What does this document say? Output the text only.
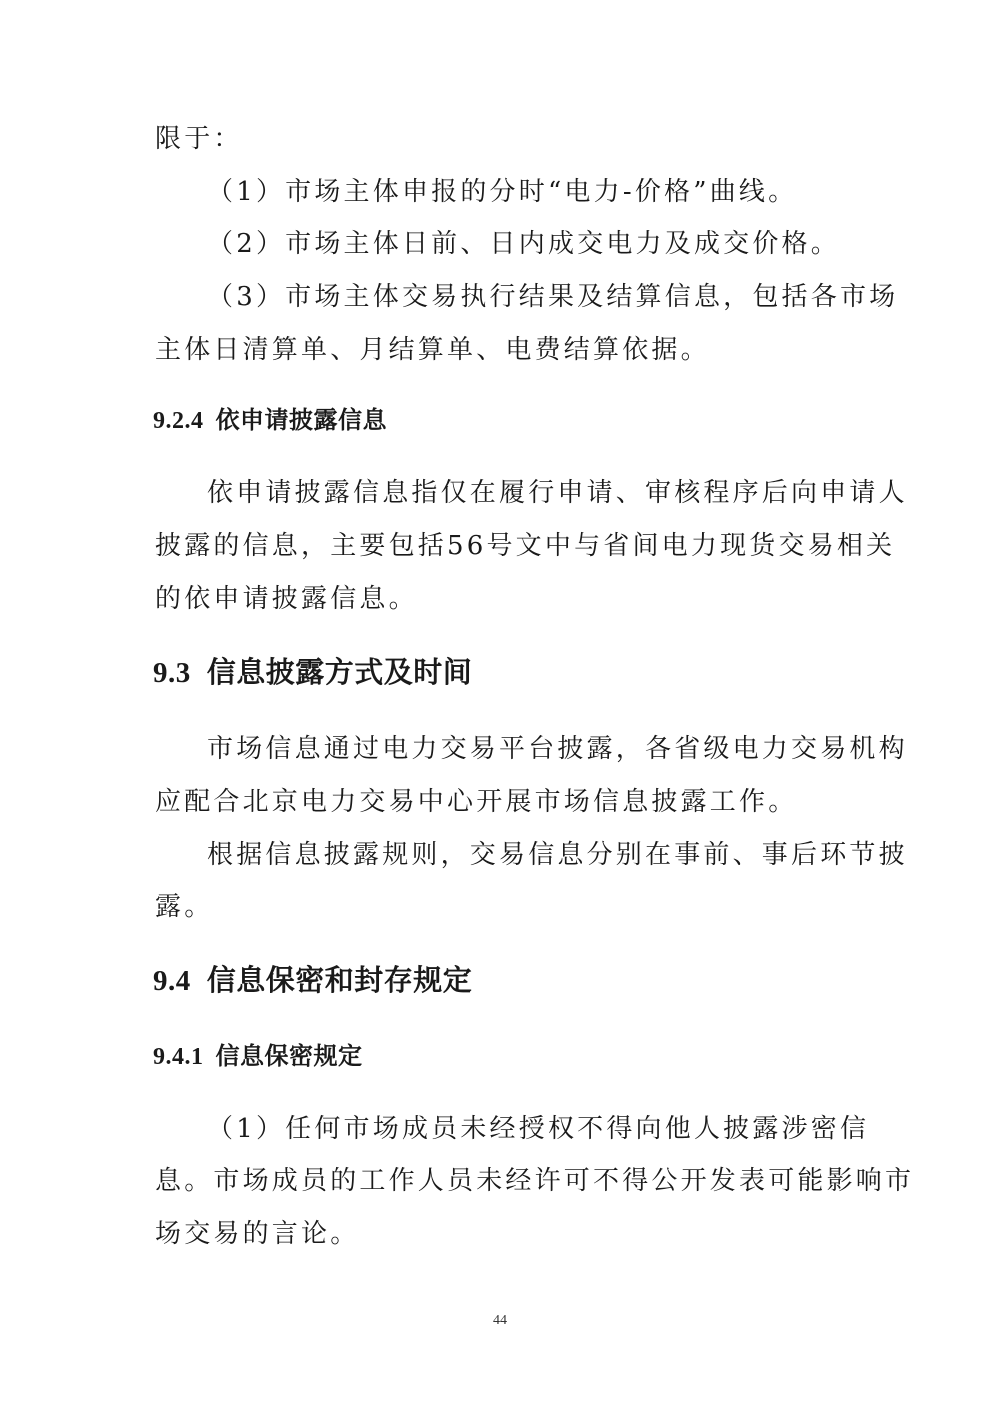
限于：
（1）市场主体申报的分时“电力-价格”曲线。
（2）市场主体日前、日内成交电力及成交价格。
（3）市场主体交易执行结果及结算信息，包括各市场
主体日清算单、月结算单、电费结算依据。
9.2.4 依申请披露信息
依申请披露信息指仅在履行申请、审核程序后向申请人
披露的信息，主要包括56号文中与省间电力现货交易相关
的依申请披露信息。
9.3 信息披露方式及时间
市场信息通过电力交易平台披露，各省级电力交易机构
应配合北京电力交易中心开展市场信息披露工作。
根据信息披露规则，交易信息分别在事前、事后环节披
露。
9.4 信息保密和封存规定
9.4.1 信息保密规定
（1）任何市场成员未经授权不得向他人披露涉密信
息。市场成员的工作人员未经许可不得公开发表可能影响市
场交易的言论。
44
